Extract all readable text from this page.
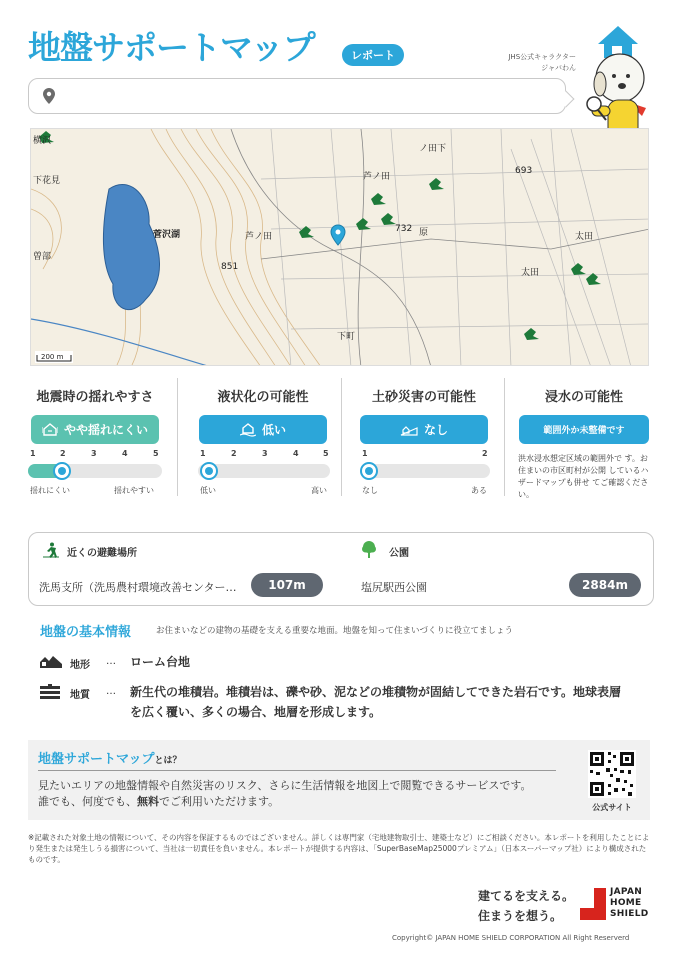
地盤サポートマップ	レポート	JHS公式キャラクター
ジャバわん
菅沢湖
851
732
693
芦ノ田
芦ノ田	原	太田
太田
下町
曽部
下花見
横沢
ノ田下
200 m
地震時の揺れやすさ
やや揺れにくい
1	2	3	4	5
揺れにくい	揺れやすい
液状化の可能性
低い
1	2	3	4	5
低い	高い
土砂災害の可能性
なし
1	2
なし	ある
浸水の可能性
範囲外か未整備です
洪水浸水想定区域の範囲外で す。お住まいの市区町村が公開 しているハザードマップも併せ てご確認ください。
近くの避難場所
洗馬支所（洗馬農村環境改善センター…	107m
公園
塩尻駅西公園	2884m
地盤の基本情報	お住まいなどの建物の基礎を支える重要な地面。地盤を知って住まいづくりに役立てましょう
地形 … ローム台地
地質 … 新生代の堆積岩。堆積岩は、礫や砂、泥などの堆積物が固結してできた岩石です。地球表層を広く覆い、多くの場合、地層を形成します。
地盤サポートマップとは？
見たいエリアの地盤情報や自然災害のリスク、さらに生活情報を地図上で閲覧できるサービスです。
誰でも、何度でも、無料でご利用いただけます。	公式サイト
※記載された対象土地の情報について、その内容を保証するものではございません。詳しくは専門家（宅地建物取引士、建築士など）にご相談ください。本レポートを利用したことにより発生または発生しうる損害について、当社は一切責任を負いません。本レポートが提供する内容は、「SuperBaseMap25000プレミアム」（日本スーパーマップ社）により構成されたものです。
建てるを支える。
住まうを想う。
JAPAN
HOME
SHIELD
Copyright© JAPAN HOME SHIELD CORPORATION All Right Reserverd
